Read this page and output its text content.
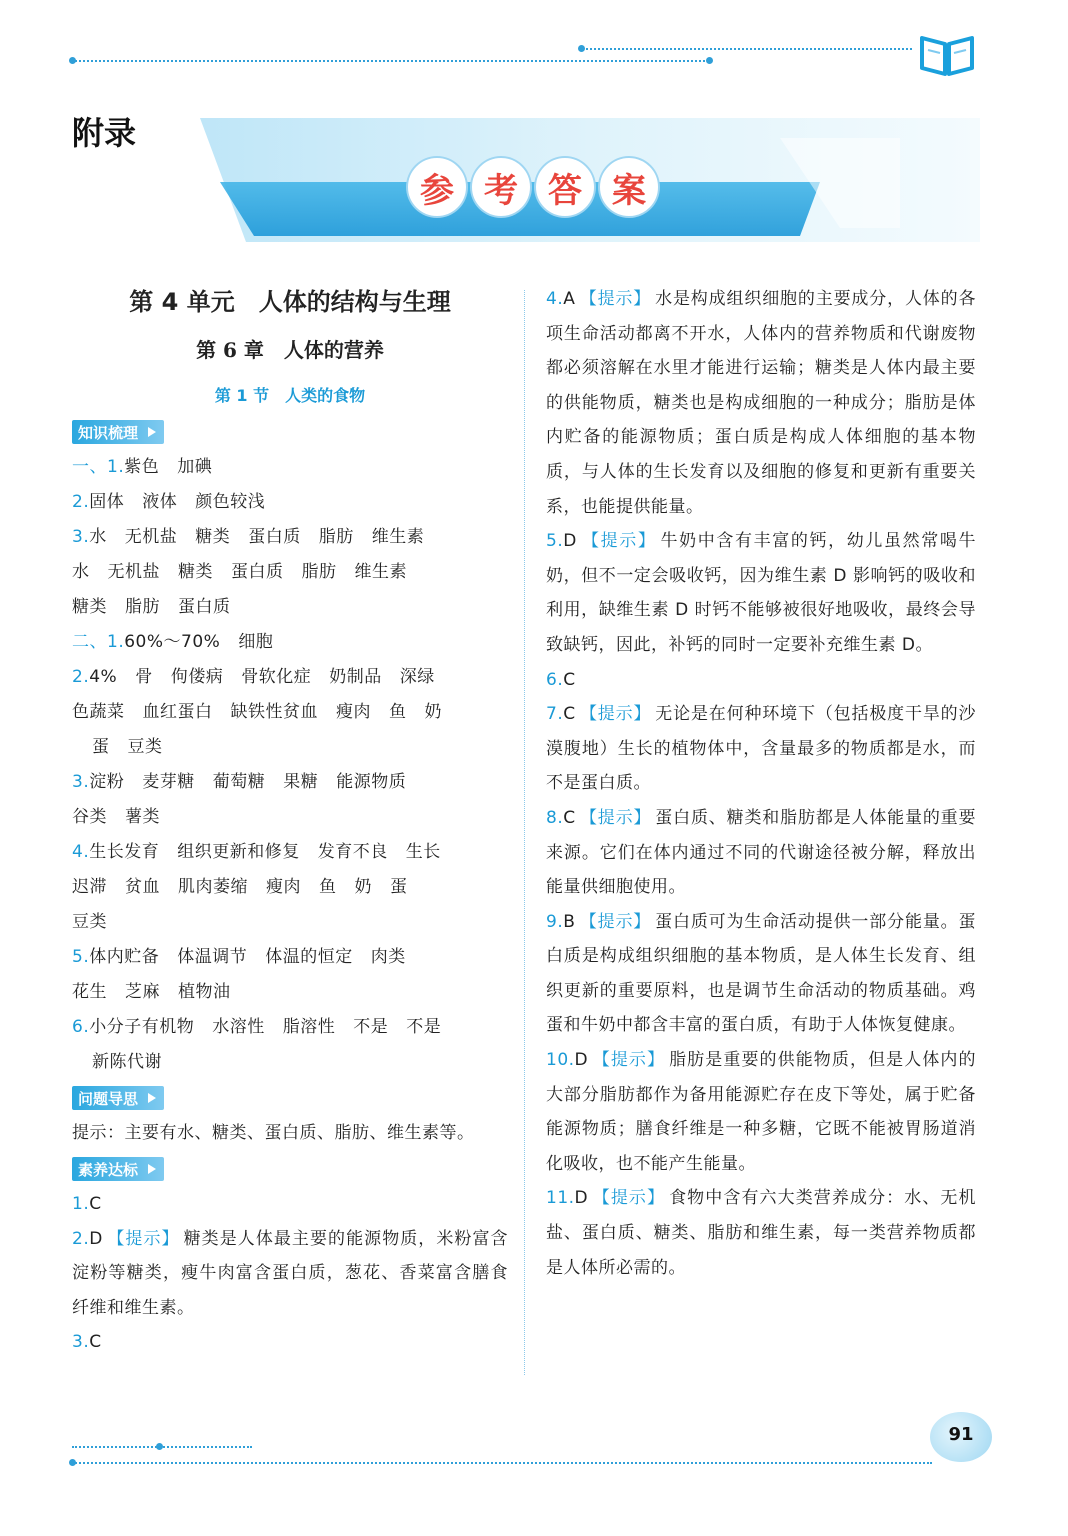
附录
参 考 答 案
第 4 单元　人体的结构与生理
第 6 章　人体的营养
第 1 节　人类的食物
知识梳理
一、1.紫色 加碘
2.固体 液体 颜色较浅
3.水 无机盐 糖类 蛋白质 脂肪 维生素
水 无机盐 糖类 蛋白质 脂肪 维生素
糖类 脂肪 蛋白质
二、1.60%～70% 细胞
2.4% 骨 佝偻病 骨软化症 奶制品 深绿
色蔬菜 血红蛋白 缺铁性贫血 瘦肉 鱼 奶
蛋 豆类
3.淀粉 麦芽糖 葡萄糖 果糖 能源物质
谷类 薯类
4.生长发育 组织更新和修复 发育不良 生长
迟滞 贫血 肌肉萎缩 瘦肉 鱼 奶 蛋
豆类
5.体内贮备 体温调节 体温的恒定 肉类
花生 芝麻 植物油
6.小分子有机物 水溶性 脂溶性 不是 不是
新陈代谢
问题导思
提示：主要有水、糖类、蛋白质、脂肪、维生素等。
素养达标
1.C
2.D 【提示】 糖类是人体最主要的能源物质，米粉富含淀粉等糖类，瘦牛肉富含蛋白质，葱花、香菜富含膳食纤维和维生素。
3.C
4.A 【提示】 水是构成组织细胞的主要成分，人体的各项生命活动都离不开水，人体内的营养物质和代谢废物都必须溶解在水里才能进行运输；糖类是人体内最主要的供能物质，糖类也是构成细胞的一种成分；脂肪是体内贮备的能源物质；蛋白质是构成人体细胞的基本物质，与人体的生长发育以及细胞的修复和更新有重要关系，也能提供能量。
5.D 【提示】 牛奶中含有丰富的钙，幼儿虽然常喝牛奶，但不一定会吸收钙，因为维生素 D 影响钙的吸收和利用，缺维生素 D 时钙不能够被很好地吸收，最终会导致缺钙，因此，补钙的同时一定要补充维生素 D。
6.C
7.C 【提示】 无论是在何种环境下（包括极度干旱的沙漠腹地）生长的植物体中，含量最多的物质都是水，而不是蛋白质。
8.C 【提示】 蛋白质、糖类和脂肪都是人体能量的重要来源。它们在体内通过不同的代谢途径被分解，释放出能量供细胞使用。
9.B 【提示】 蛋白质可为生命活动提供一部分能量。蛋白质是构成组织细胞的基本物质，是人体生长发育、组织更新的重要原料，也是调节生命活动的物质基础。鸡蛋和牛奶中都含丰富的蛋白质，有助于人体恢复健康。
10.D 【提示】 脂肪是重要的供能物质，但是人体内的大部分脂肪都作为备用能源贮存在皮下等处，属于贮备能源物质；膳食纤维是一种多糖，它既不能被胃肠道消化吸收，也不能产生能量。
11.D 【提示】 食物中含有六大类营养成分：水、无机盐、蛋白质、糖类、脂肪和维生素，每一类营养物质都是人体所必需的。
91
